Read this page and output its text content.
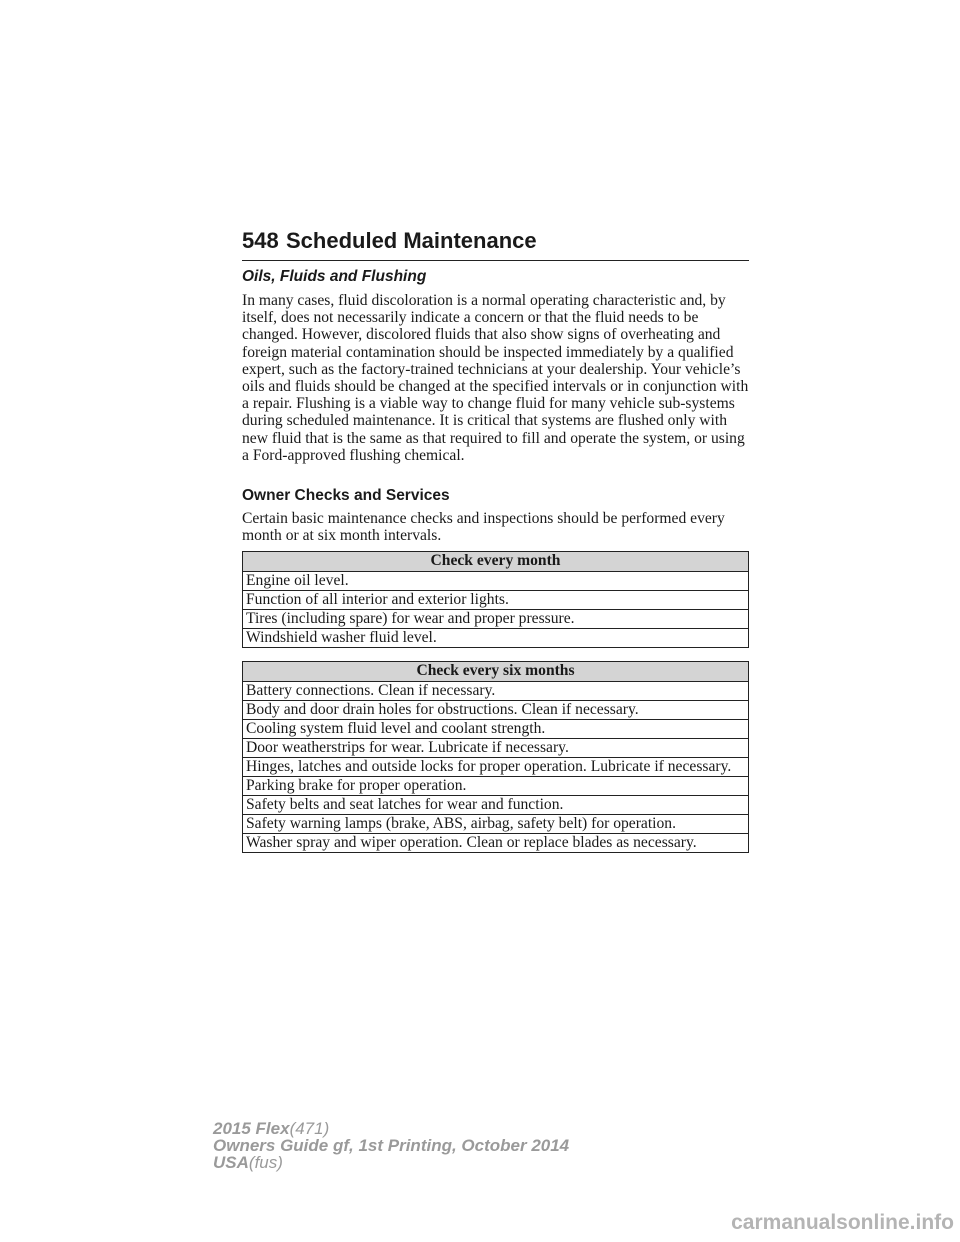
548 Scheduled Maintenance
Oils, Fluids and Flushing

In many cases, fluid discoloration is a normal operating characteristic and, by itself, does not necessarily indicate a concern or that the fluid needs to be changed. However, discolored fluids that also show signs of overheating and foreign material contamination should be inspected immediately by a qualified expert, such as the factory-trained technicians at your dealership. Your vehicle’s oils and fluids should be changed at the specified intervals or in conjunction with a repair. Flushing is a viable way to change fluid for many vehicle sub-systems during scheduled maintenance. It is critical that systems are flushed only with new fluid that is the same as that required to fill and operate the system, or using a Ford-approved flushing chemical.

Owner Checks and Services

Certain basic maintenance checks and inspections should be performed every month or at six month intervals.

Check every month
Engine oil level.
Function of all interior and exterior lights.
Tires (including spare) for wear and proper pressure.
Windshield washer fluid level.
Check every six months
Battery connections. Clean if necessary.
Body and door drain holes for obstructions. Clean if necessary.
Cooling system fluid level and coolant strength.
Door weatherstrips for wear. Lubricate if necessary.
Hinges, latches and outside locks for proper operation. Lubricate if necessary.
Parking brake for proper operation.
Safety belts and seat latches for wear and function.
Safety warning lamps (brake, ABS, airbag, safety belt) for operation.
Washer spray and wiper operation. Clean or replace blades as necessary.
2015 Flex(471)
Owners Guide gf, 1st Printing, October 2014
USA(fus)
carmanualsonline.info
